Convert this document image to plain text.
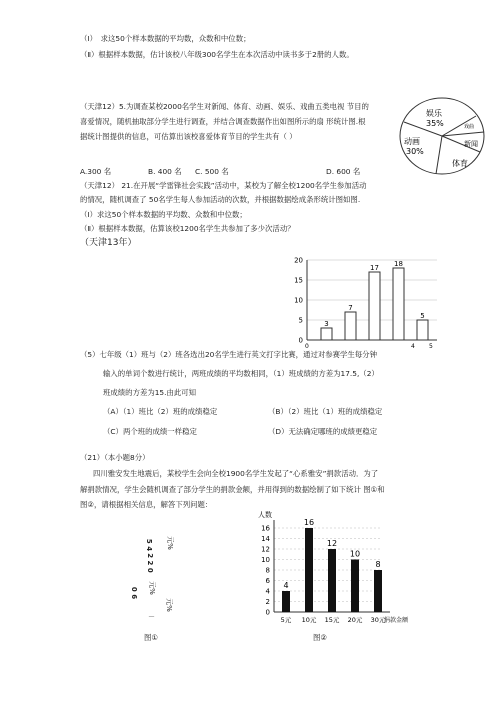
（Ⅰ）　求这50个样本数据的平均数，众数和中位数；
（Ⅱ）根据样本数据，估计该校八年级300名学生在本次活动中读书多于2册的人数。
（天津12）5.为调查某校2000名学生对新闻、体育、动画、娱乐、戏曲五类电视 节目的
喜爱情况，随机抽取部分学生进行调查，并结合调查数据作出如图所示的扇 形统计图.根
据统计图提供的信息，可估算出该校喜爱体育节目的学生共有（ ）
A.300 名	B. 400 名 C. 500 名	D. 600 名
（天津12） 21.在开展“学雷锋社会实践”活动中，某校为了解全校1200名学生参加活动
的情况，随机调查了 50名学生每人参加活动的次数，并根据数据绘成条形统计图如图.
（Ⅰ）求这50个样本数据的平均数、众数和中位数；
（Ⅱ）根据样本数据，估算该校1200名学生共参加了多少次活动？
（天津13年）
（5）七年级（1）班与（2）班各选出20名学生进行英文打字比赛，通过对参赛学生每分钟
输入的单词个数进行统计，两班成绩的平均数相同，（1）班成绩的方差为17.5,（2）
班成绩的方差为15.由此可知
（A）（1）班比（2）班的成绩稳定	（B）（2）班比（1）班的成绩稳定
（C）两个班的成绩一样稳定	（D）无法确定哪班的成绩更稳定
（21）（本小题8分）
四川雅安发生地震后，某校学生会向全校1900名学生发起了“心系雅安”捐款活动．为了
解捐款情况，学生会随机调查了部分学生的捐款金额，并用得到的数据绘制了如下统计 图①和
图②，请根据相关信息，解答下列问题：
元%
5 4
2 2 0
元%
0 6
元%
－
图①	图②
娱乐
35%
动画
30%
戏曲
新闻
体育
0
5
10
15
20
3
7
17 18
5
0	4 5
人数
0
2
4
6
8
10
12
14
16
4
5元
16
10元
12
15元
10
20元
8
30元
捐款金额
